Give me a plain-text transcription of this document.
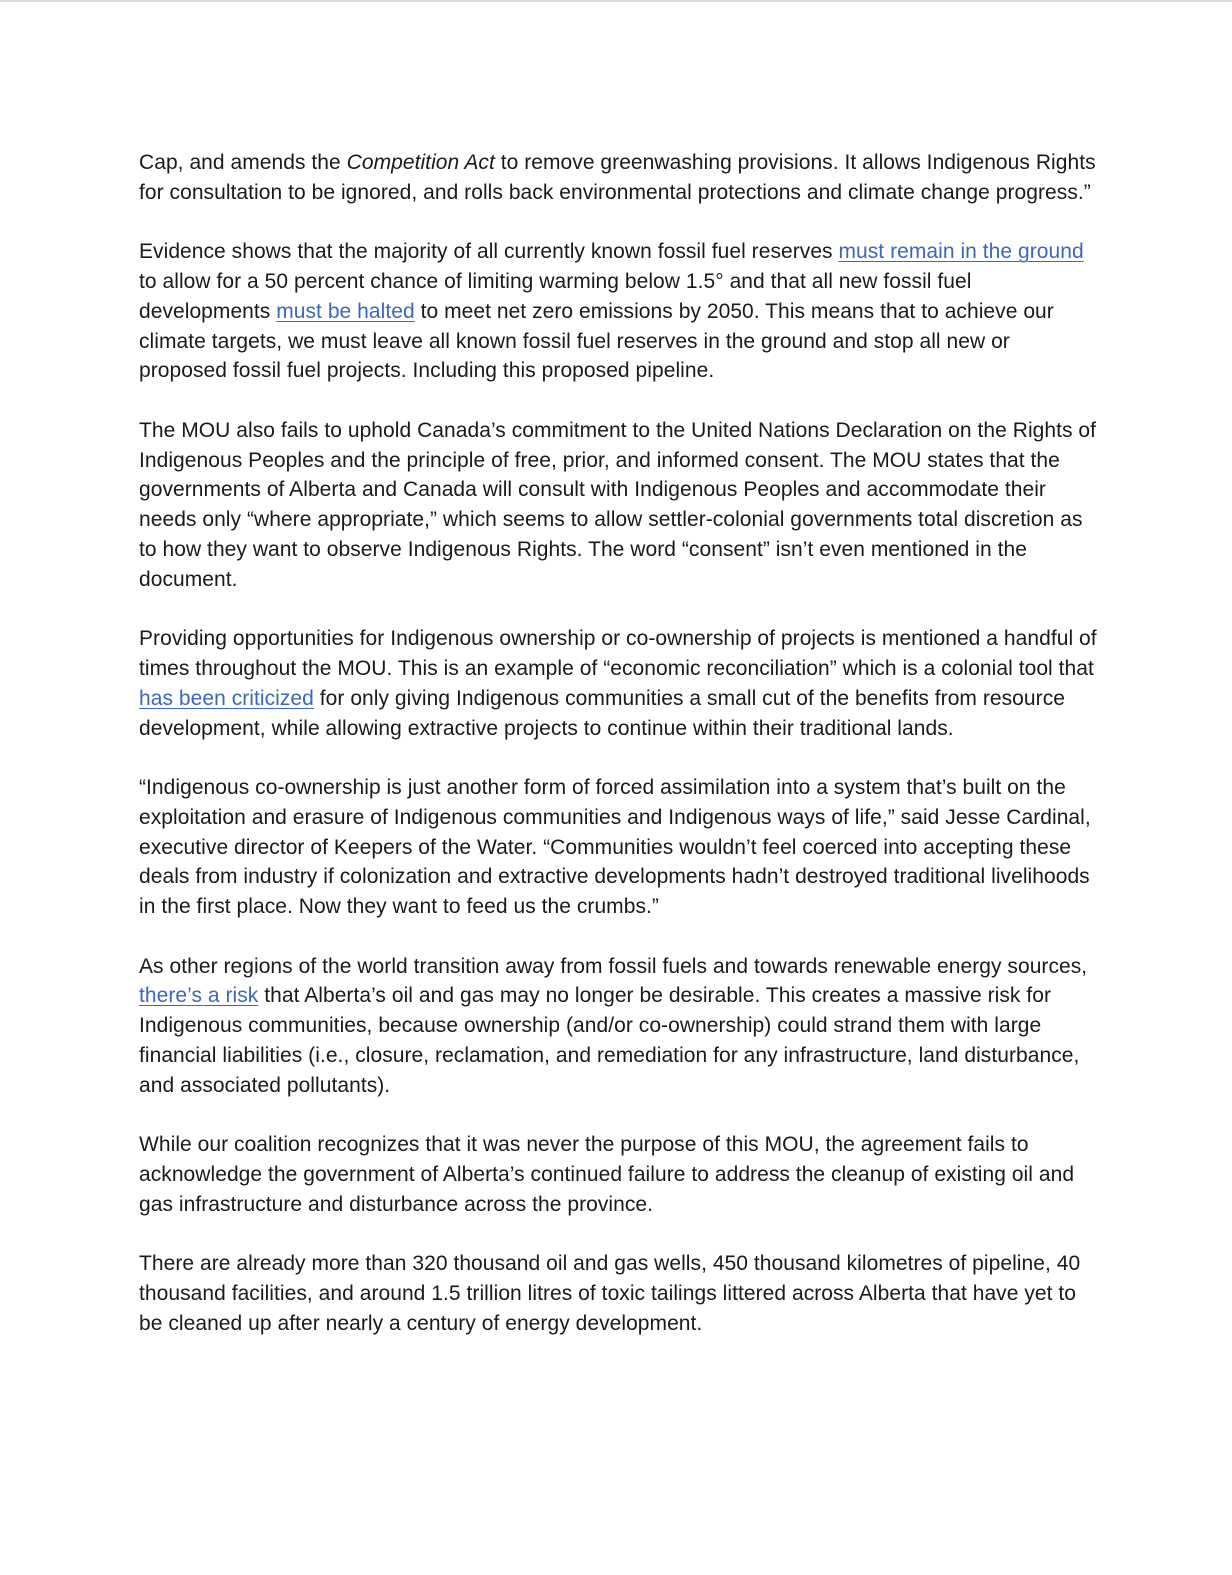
Cap, and amends the Competition Act to remove greenwashing provisions. It allows Indigenous Rights for consultation to be ignored, and rolls back environmental protections and climate change progress.”

Evidence shows that the majority of all currently known fossil fuel reserves must remain in the ground to allow for a 50 percent chance of limiting warming below 1.5° and that all new fossil fuel developments must be halted to meet net zero emissions by 2050. This means that to achieve our climate targets, we must leave all known fossil fuel reserves in the ground and stop all new or proposed fossil fuel projects. Including this proposed pipeline.

The MOU also fails to uphold Canada’s commitment to the United Nations Declaration on the Rights of Indigenous Peoples and the principle of free, prior, and informed consent. The MOU states that the governments of Alberta and Canada will consult with Indigenous Peoples and accommodate their needs only “where appropriate,” which seems to allow settler-colonial governments total discretion as to how they want to observe Indigenous Rights. The word “consent” isn’t even mentioned in the document.

Providing opportunities for Indigenous ownership or co-ownership of projects is mentioned a handful of times throughout the MOU. This is an example of “economic reconciliation” which is a colonial tool that has been criticized for only giving Indigenous communities a small cut of the benefits from resource development, while allowing extractive projects to continue within their traditional lands.

“Indigenous co-ownership is just another form of forced assimilation into a system that’s built on the exploitation and erasure of Indigenous communities and Indigenous ways of life,” said Jesse Cardinal, executive director of Keepers of the Water. “Communities wouldn’t feel coerced into accepting these deals from industry if colonization and extractive developments hadn’t destroyed traditional livelihoods in the first place. Now they want to feed us the crumbs.”

As other regions of the world transition away from fossil fuels and towards renewable energy sources, there’s a risk that Alberta’s oil and gas may no longer be desirable. This creates a massive risk for Indigenous communities, because ownership (and/or co-ownership) could strand them with large financial liabilities (i.e., closure, reclamation, and remediation for any infrastructure, land disturbance, and associated pollutants).

While our coalition recognizes that it was never the purpose of this MOU, the agreement fails to acknowledge the government of Alberta’s continued failure to address the cleanup of existing oil and gas infrastructure and disturbance across the province.

There are already more than 320 thousand oil and gas wells, 450 thousand kilometres of pipeline, 40 thousand facilities, and around 1.5 trillion litres of toxic tailings littered across Alberta that have yet to be cleaned up after nearly a century of energy development.
